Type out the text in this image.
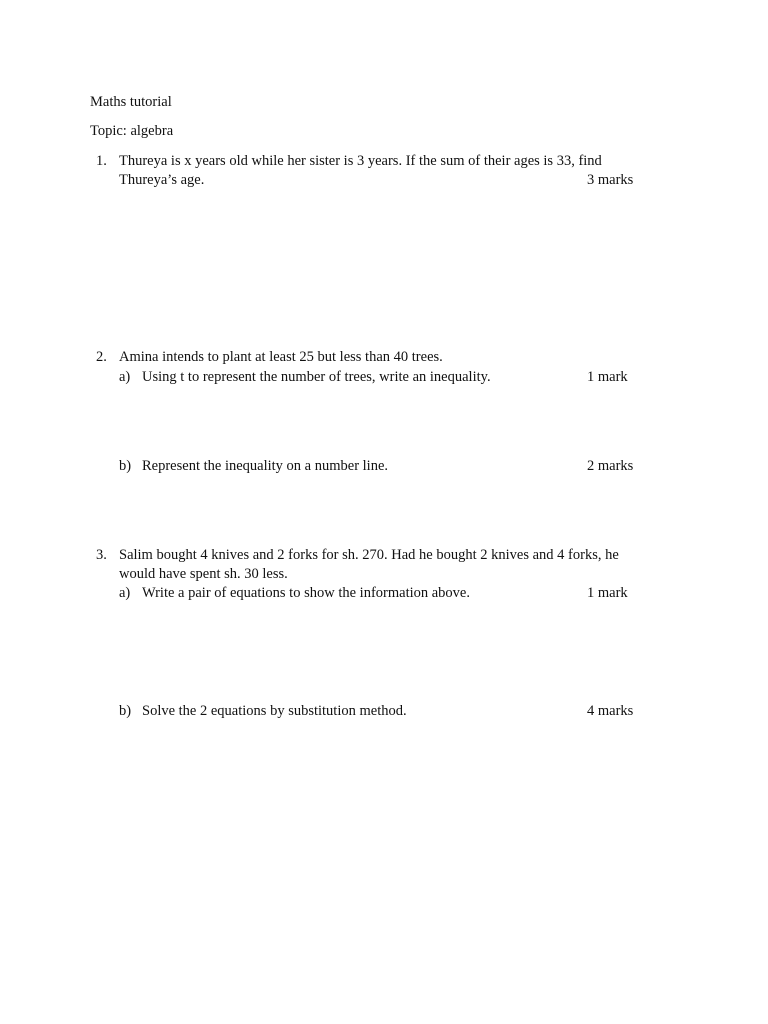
Maths tutorial
Topic: algebra
1. Thureya is x years old while her sister is 3 years. If the sum of their ages is 33, find
Thureya’s age.	3 marks
2. Amina intends to plant at least 25 but less than 40 trees.
a) Using t to represent the number of trees, write an inequality.	1 mark
b) Represent the inequality on a number line.	2 marks
3. Salim bought 4 knives and 2 forks for sh. 270. Had he bought 2 knives and 4 forks, he
would have spent sh. 30 less.
a) Write a pair of equations to show the information above.	1 mark
b) Solve the 2 equations by substitution method.	4 marks
